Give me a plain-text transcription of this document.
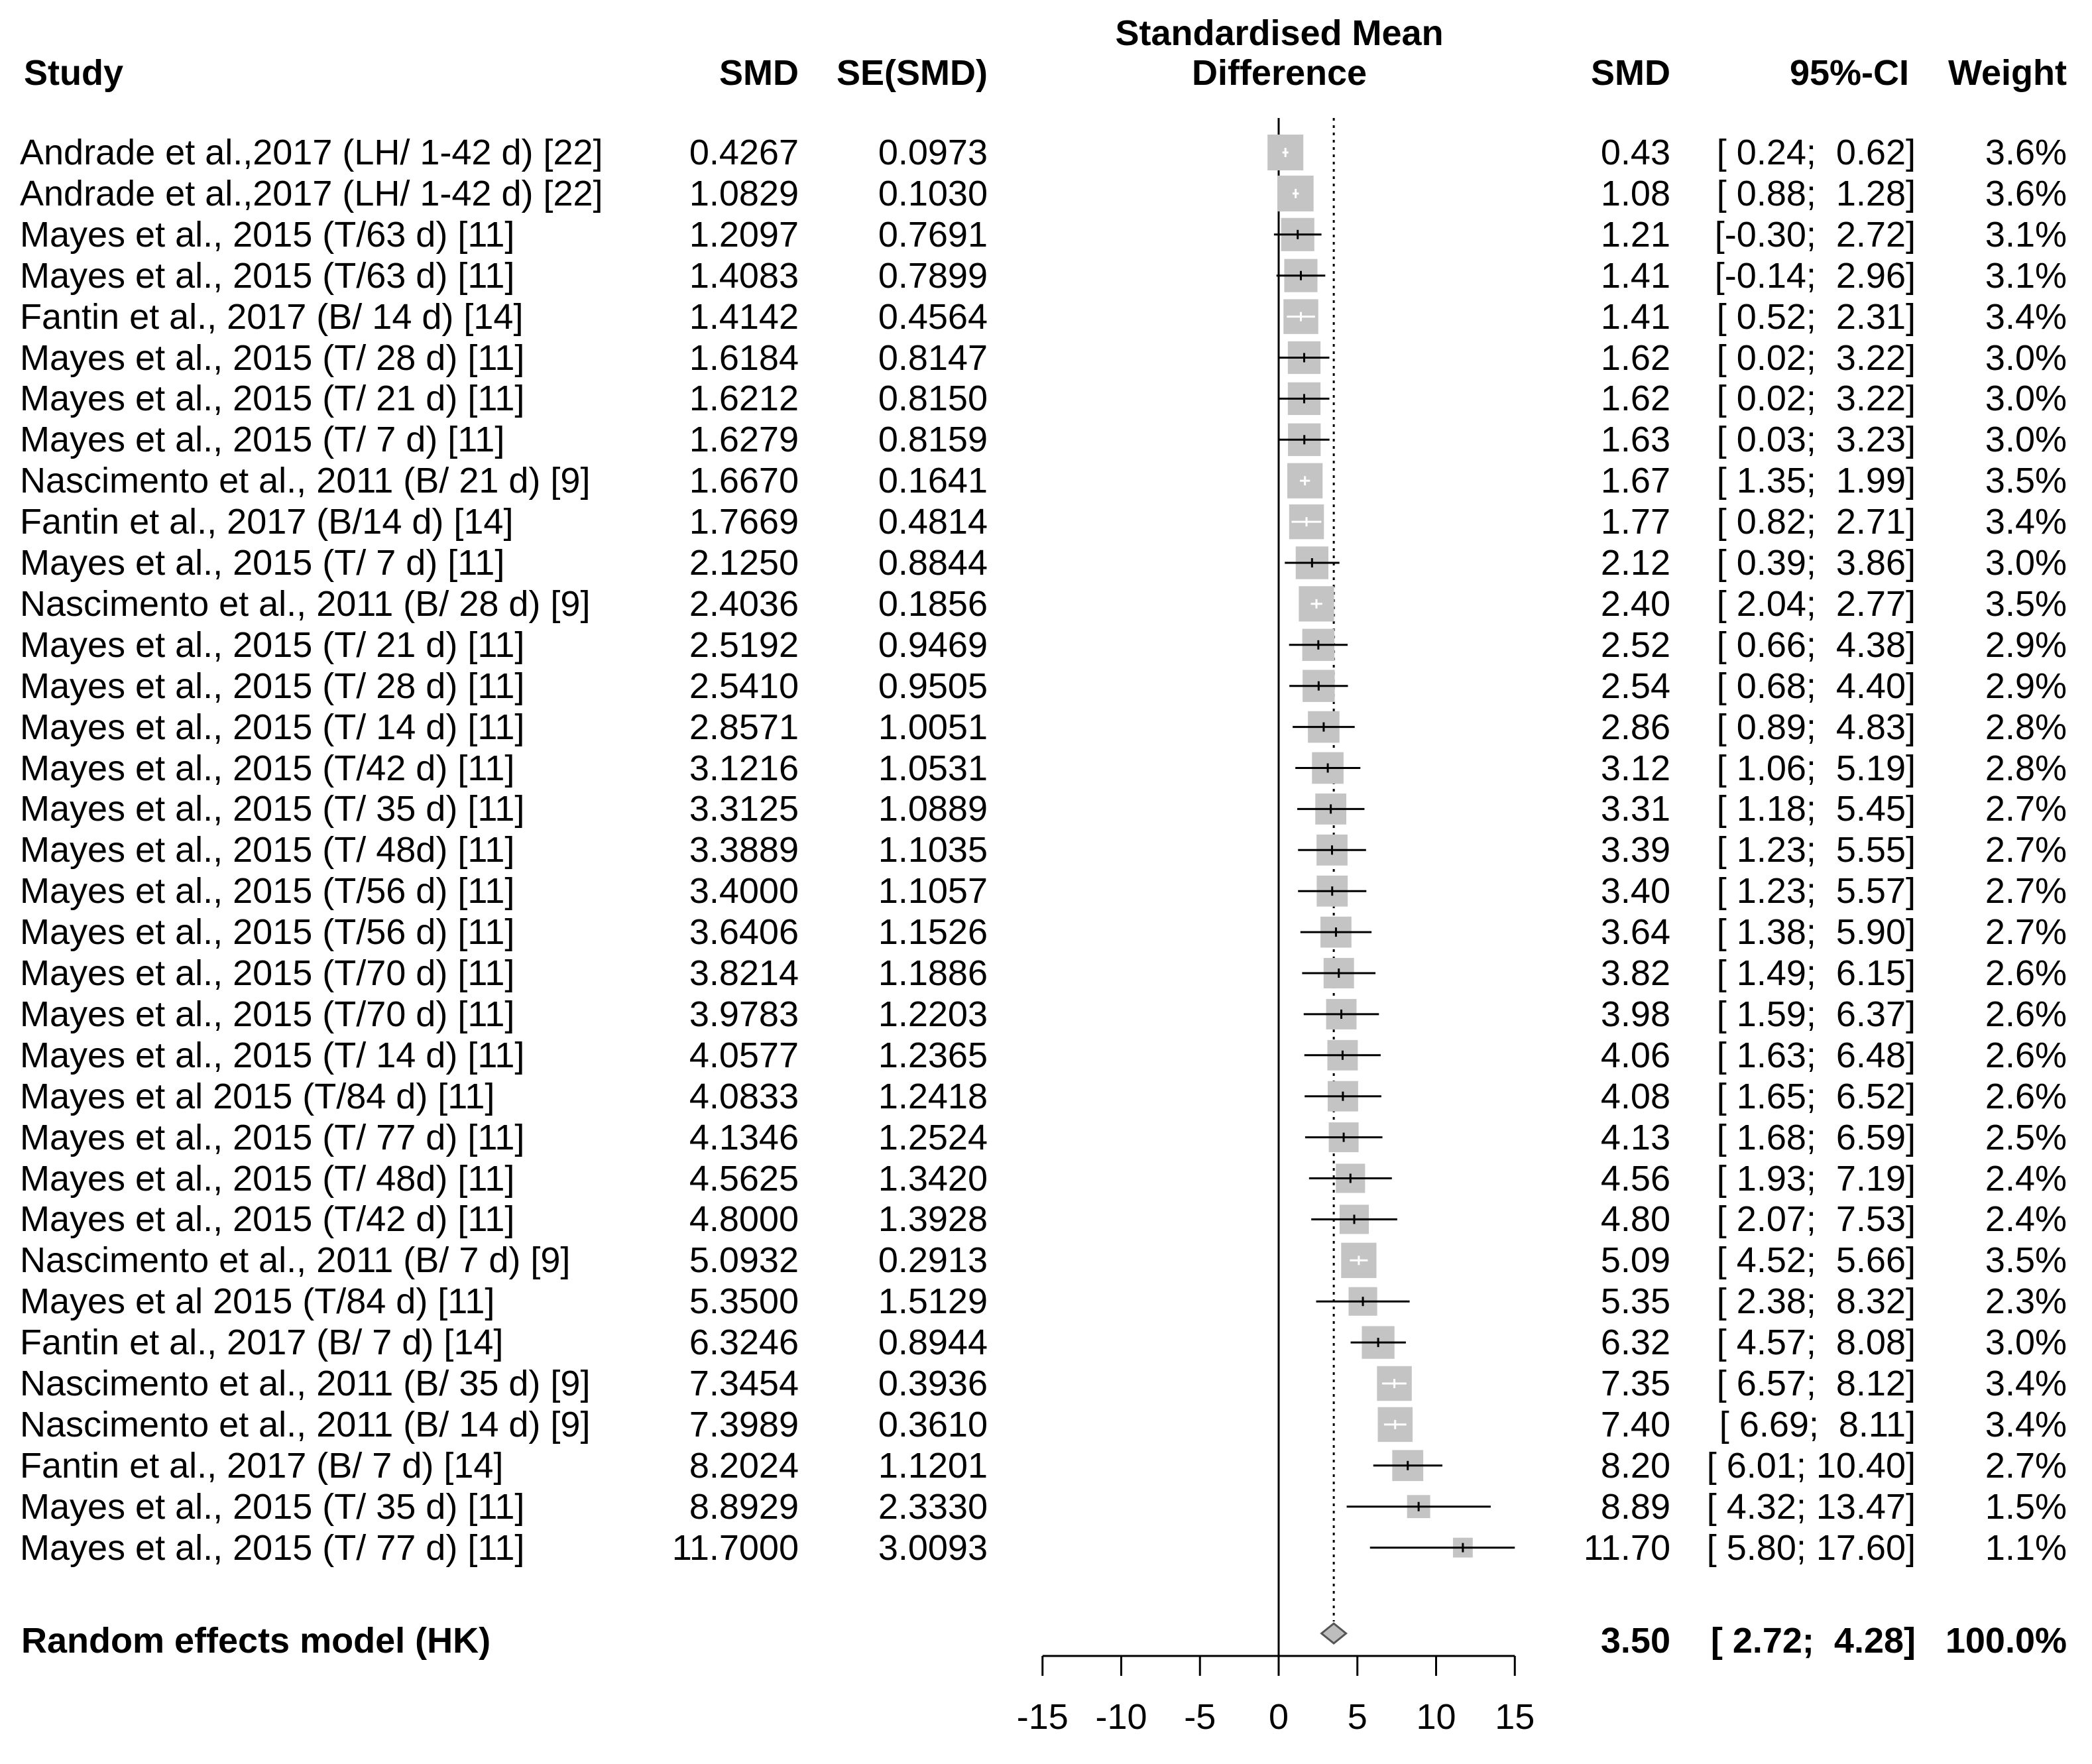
Study	SMD	SE(SMD)
Standardised Mean
Difference	SMD	95%-CI	Weight
Andrade et al.,2017 (LH/ 1-42 d) [22]	0.4267	0.0973	0.43	[ 0.24;  0.62]	3.6%
Andrade et al.,2017 (LH/ 1-42 d) [22]	1.0829	0.1030	1.08	[ 0.88;  1.28]	3.6%
Mayes et al., 2015 (T/63 d) [11]	1.2097	0.7691	1.21	[-0.30;  2.72]	3.1%
Mayes et al., 2015 (T/63 d) [11]	1.4083	0.7899	1.41	[-0.14;  2.96]	3.1%
Fantin et al., 2017 (B/ 14 d) [14]	1.4142	0.4564	1.41	[ 0.52;  2.31]	3.4%
Mayes et al., 2015 (T/ 28 d) [11]	1.6184	0.8147	1.62	[ 0.02;  3.22]	3.0%
Mayes et al., 2015 (T/ 21 d) [11]	1.6212	0.8150	1.62	[ 0.02;  3.22]	3.0%
Mayes et al., 2015 (T/ 7 d) [11]	1.6279	0.8159	1.63	[ 0.03;  3.23]	3.0%
Nascimento et al., 2011 (B/ 21 d) [9]	1.6670	0.1641	1.67	[ 1.35;  1.99]	3.5%
Fantin et al., 2017 (B/14 d) [14]	1.7669	0.4814	1.77	[ 0.82;  2.71]	3.4%
Mayes et al., 2015 (T/ 7 d) [11]	2.1250	0.8844	2.12	[ 0.39;  3.86]	3.0%
Nascimento et al., 2011 (B/ 28 d) [9]	2.4036	0.1856	2.40	[ 2.04;  2.77]	3.5%
Mayes et al., 2015 (T/ 21 d) [11]	2.5192	0.9469	2.52	[ 0.66;  4.38]	2.9%
Mayes et al., 2015 (T/ 28 d) [11]	2.5410	0.9505	2.54	[ 0.68;  4.40]	2.9%
Mayes et al., 2015 (T/ 14 d) [11]	2.8571	1.0051	2.86	[ 0.89;  4.83]	2.8%
Mayes et al., 2015 (T/42 d) [11]	3.1216	1.0531	3.12	[ 1.06;  5.19]	2.8%
Mayes et al., 2015 (T/ 35 d) [11]	3.3125	1.0889	3.31	[ 1.18;  5.45]	2.7%
Mayes et al., 2015 (T/ 48d) [11]	3.3889	1.1035	3.39	[ 1.23;  5.55]	2.7%
Mayes et al., 2015 (T/56 d) [11]	3.4000	1.1057	3.40	[ 1.23;  5.57]	2.7%
Mayes et al., 2015 (T/56 d) [11]	3.6406	1.1526	3.64	[ 1.38;  5.90]	2.7%
Mayes et al., 2015 (T/70 d) [11]	3.8214	1.1886	3.82	[ 1.49;  6.15]	2.6%
Mayes et al., 2015 (T/70 d) [11]	3.9783	1.2203	3.98	[ 1.59;  6.37]	2.6%
Mayes et al., 2015 (T/ 14 d) [11]	4.0577	1.2365	4.06	[ 1.63;  6.48]	2.6%
Mayes et al 2015 (T/84 d) [11]	4.0833	1.2418	4.08	[ 1.65;  6.52]	2.6%
Mayes et al., 2015 (T/ 77 d) [11]	4.1346	1.2524	4.13	[ 1.68;  6.59]	2.5%
Mayes et al., 2015 (T/ 48d) [11]	4.5625	1.3420	4.56	[ 1.93;  7.19]	2.4%
Mayes et al., 2015 (T/42 d) [11]	4.8000	1.3928	4.80	[ 2.07;  7.53]	2.4%
Nascimento et al., 2011 (B/ 7 d) [9]	5.0932	0.2913	5.09	[ 4.52;  5.66]	3.5%
Mayes et al 2015 (T/84 d) [11]	5.3500	1.5129	5.35	[ 2.38;  8.32]	2.3%
Fantin et al., 2017 (B/ 7 d) [14]	6.3246	0.8944	6.32	[ 4.57;  8.08]	3.0%
Nascimento et al., 2011 (B/ 35 d) [9]	7.3454	0.3936	7.35	[ 6.57;  8.12]	3.4%
Nascimento et al., 2011 (B/ 14 d) [9]	7.3989	0.3610	7.40	[ 6.69;  8.11]	3.4%
Fantin et al., 2017 (B/ 7 d) [14]	8.2024	1.1201	8.20	[ 6.01; 10.40]	2.7%
Mayes et al., 2015 (T/ 35 d) [11]	8.8929	2.3330	8.89	[ 4.32; 13.47]	1.5%
Mayes et al., 2015 (T/ 77 d) [11]	11.7000	3.0093	11.70	[ 5.80; 17.60]	1.1%
Random effects model (HK)	3.50	[ 2.72;  4.28] 100.0%
-15 -10 -5 0 5 10 15
